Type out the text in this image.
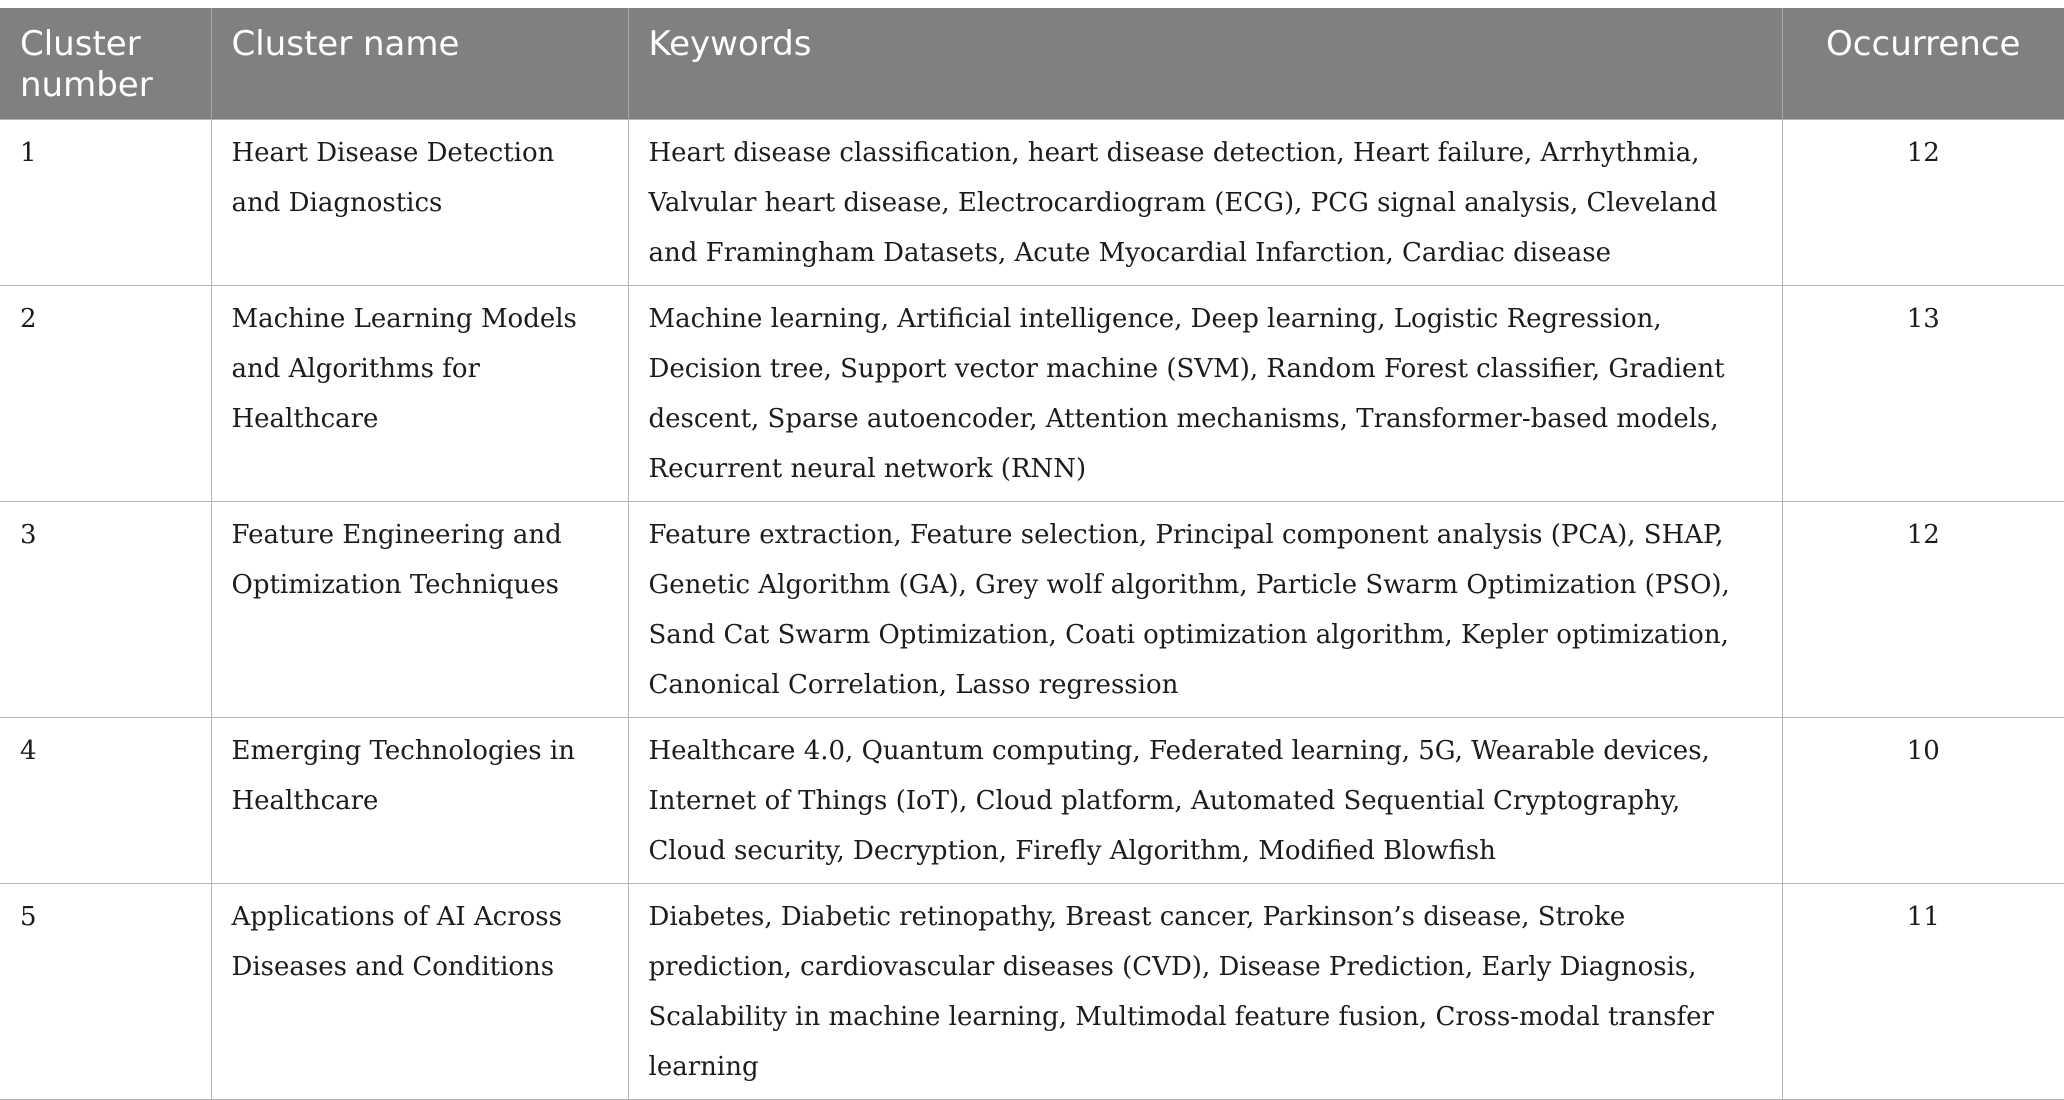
Cluster number	Cluster name	Keywords	Occurrence
1	Heart Disease Detection and Diagnostics	Heart disease classification, heart disease detection, Heart failure, Arrhythmia, Valvular heart disease, Electrocardiogram (ECG), PCG signal analysis, Cleveland and Framingham Datasets, Acute Myocardial Infarction, Cardiac disease	12
2	Machine Learning Models and Algorithms for Healthcare	Machine learning, Artificial intelligence, Deep learning, Logistic Regression, Decision tree, Support vector machine (SVM), Random Forest classifier, Gradient descent, Sparse autoencoder, Attention mechanisms, Transformer-based models, Recurrent neural network (RNN)	13
3	Feature Engineering and Optimization Techniques	Feature extraction, Feature selection, Principal component analysis (PCA), SHAP, Genetic Algorithm (GA), Grey wolf algorithm, Particle Swarm Optimization (PSO), Sand Cat Swarm Optimization, Coati optimization algorithm, Kepler optimization, Canonical Correlation, Lasso regression	12
4	Emerging Technologies in Healthcare	Healthcare 4.0, Quantum computing, Federated learning, 5G, Wearable devices, Internet of Things (IoT), Cloud platform, Automated Sequential Cryptography, Cloud security, Decryption, Firefly Algorithm, Modified Blowfish	10
5	Applications of AI Across Diseases and Conditions	Diabetes, Diabetic retinopathy, Breast cancer, Parkinson’s disease, Stroke prediction, cardiovascular diseases (CVD), Disease Prediction, Early Diagnosis, Scalability in machine learning, Multimodal feature fusion, Cross-modal transfer learning	11
